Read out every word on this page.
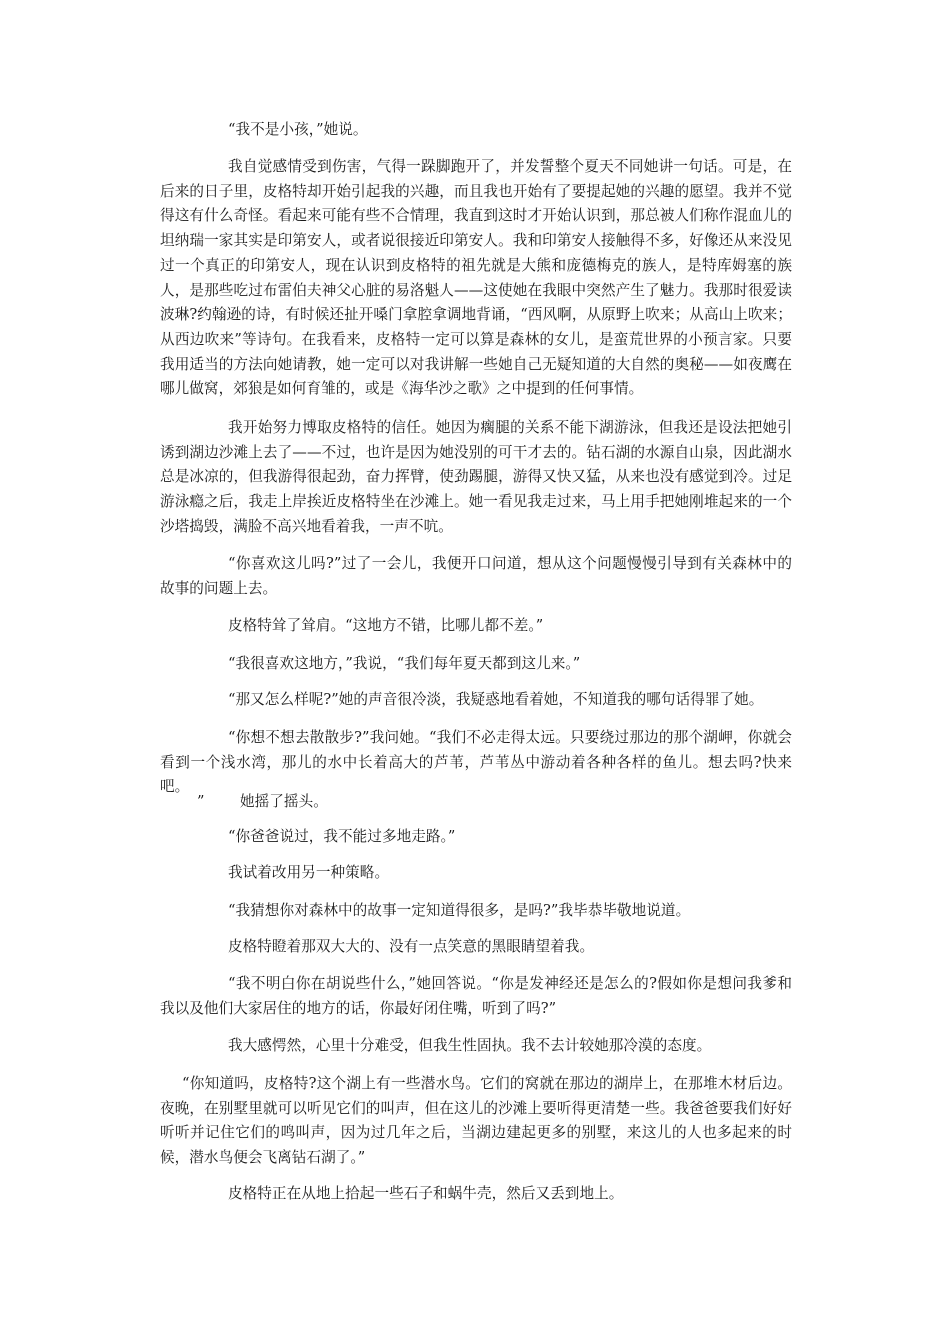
“我不是小孩，”她说。

我自觉感情受到伤害，气得一跺脚跑开了，并发誓整个夏天不同她讲一句话。可是，在后来的日子里，皮格特却开始引起我的兴趣，而且我也开始有了要提起她的兴趣的愿望。我并不觉得这有什么奇怪。看起来可能有些不合情理，我直到这时才开始认识到，那总被人们称作混血儿的坦纳瑞一家其实是印第安人，或者说很接近印第安人。我和印第安人接触得不多，好像还从来没见过一个真正的印第安人，现在认识到皮格特的祖先就是大熊和庞德梅克的族人，是特库姆塞的族人，是那些吃过布雷伯夫神父心脏的易洛魁人——这使她在我眼中突然产生了魅力。我那时很爱读波琳?约翰逊的诗，有时候还扯开嗓门拿腔拿调地背诵，“西风啊，从原野上吹来；从高山上吹来；从西边吹来”等诗句。在我看来，皮格特一定可以算是森林的女儿，是蛮荒世界的小预言家。只要我用适当的方法向她请教，她一定可以对我讲解一些她自己无疑知道的大自然的奥秘——如夜鹰在哪儿做窝，郊狼是如何育雏的，或是《海华沙之歌》之中提到的任何事情。

我开始努力博取皮格特的信任。她因为瘸腿的关系不能下湖游泳，但我还是设法把她引诱到湖边沙滩上去了——不过，也许是因为她没别的可干才去的。钻石湖的水源自山泉，因此湖水总是冰凉的，但我游得很起劲，奋力挥臂，使劲踢腿，游得又快又猛，从来也没有感觉到冷。过足游泳瘾之后，我走上岸挨近皮格特坐在沙滩上。她一看见我走过来，马上用手把她刚堆起来的一个沙塔捣毁，满脸不高兴地看着我，一声不吭。

“你喜欢这儿吗?”过了一会儿，我便开口问道，想从这个问题慢慢引导到有关森林中的故事的问题上去。

皮格特耸了耸肩。“这地方不错，比哪儿都不差。”

“我很喜欢这地方，”我说，“我们每年夏天都到这儿来。”

“那又怎么样呢?”她的声音很冷淡，我疑惑地看着她，不知道我的哪句话得罪了她。

“你想不想去散散步?”我问她。“我们不必走得太远。只要绕过那边的那个湖岬，你就会看到一个浅水湾，那儿的水中长着高大的芦苇，芦苇丛中游动着各种各样的鱼儿。想去吗?快来吧。

” 她摇了摇头。

“你爸爸说过，我不能过多地走路。”

我试着改用另一种策略。

“我猜想你对森林中的故事一定知道得很多，是吗?”我毕恭毕敬地说道。

皮格特瞪着那双大大的、没有一点笑意的黑眼睛望着我。

“我不明白你在胡说些什么，”她回答说。“你是发神经还是怎么的?假如你是想问我爹和我以及他们大家居住的地方的话，你最好闭住嘴，听到了吗?”

我大感愕然，心里十分难受，但我生性固执。我不去计较她那冷漠的态度。

“你知道吗，皮格特?这个湖上有一些潜水鸟。它们的窝就在那边的湖岸上，在那堆木材后边。夜晚，在别墅里就可以听见它们的叫声，但在这儿的沙滩上要听得更清楚一些。我爸爸要我们好好听听并记住它们的鸣叫声，因为过几年之后，当湖边建起更多的别墅，来这儿的人也多起来的时候，潜水鸟便会飞离钻石湖了。”

皮格特正在从地上拾起一些石子和蜗牛壳，然后又丢到地上。
